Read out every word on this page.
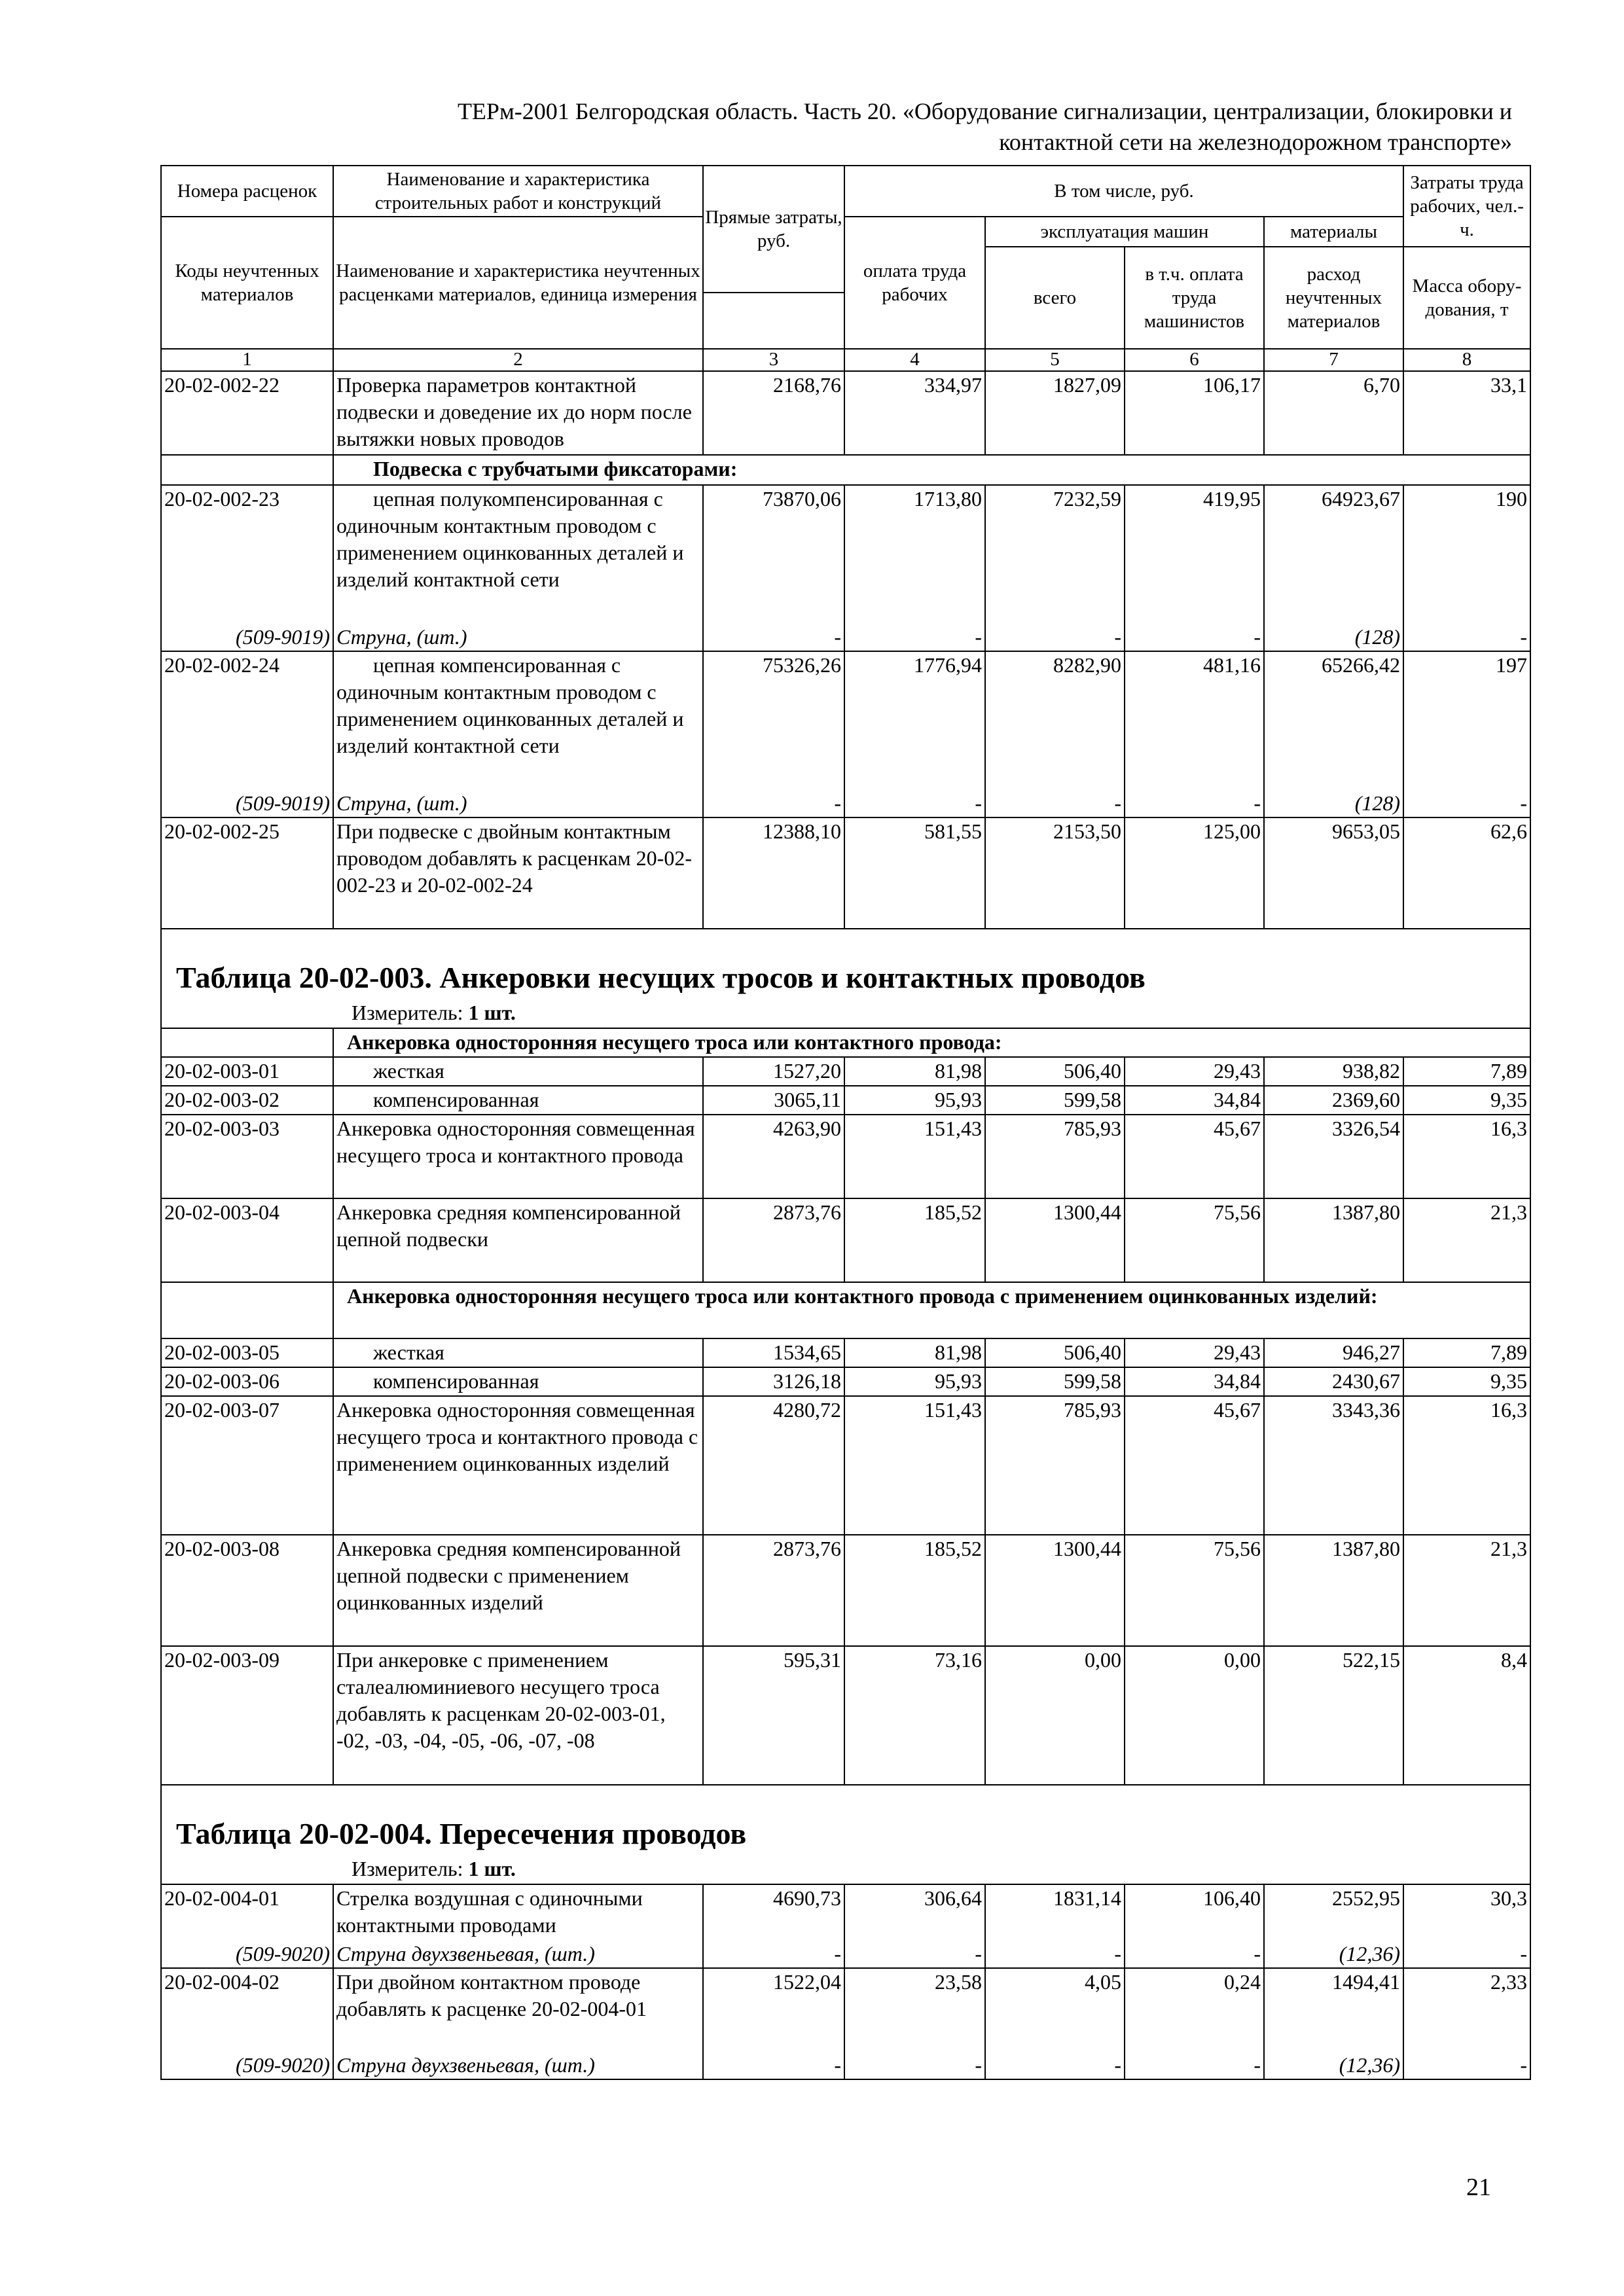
ТЕРм-2001 Белгородская область. Часть 20. «Оборудование сигнализации, централизации, блокировки и
контактной сети на железнодорожном транспорте»
Номера расценок	Наименование и характеристика строительных работ и конструкций	Прямые затраты, руб.	В том числе, руб.				Затраты труда рабочих, чел.-ч.
Коды неучтенных материалов	Наименование и характеристика неучтенных расценками материалов, единица измерения		оплата труда рабочих	эксплуатация машин		материалы	
				всего	в т.ч. оплата труда машинистов	расход неучтенных материалов	Масса обору-дования, т

1	2	3	4	5	6	7	8
20-02-002-22	Проверка параметров контактной подвески и доведение их до норм после вытяжки новых проводов	2168,76	334,97	1827,09	106,17	6,70	33,1
	Подвеска с трубчатыми фиксаторами:						
20-02-002-23	цепная полукомпенсированная с одиночным контактным проводом с применением оцинкованных деталей и изделий контактной сети	73870,06	1713,80	7232,59	419,95	64923,67	190
(509-9019)	Струна, (шт.)	-	-	-	-	(128)	-
20-02-002-24	цепная компенсированная с одиночным контактным проводом с применением оцинкованных деталей и изделий контактной сети	75326,26	1776,94	8282,90	481,16	65266,42	197
(509-9019)	Струна, (шт.)	-	-	-	-	(128)	-
20-02-002-25	При подвеске с двойным контактным проводом добавлять к расценкам 20-02-002-23 и 20-02-002-24	12388,10	581,55	2153,50	125,00	9653,05	62,6
Таблица 20-02-003. Анкеровки несущих тросов и контактных проводов							
Измеритель: 1 шт.							
	Анкеровка односторонняя несущего троса или контактного провода:						
20-02-003-01	жесткая	1527,20	81,98	506,40	29,43	938,82	7,89
20-02-003-02	компенсированная	3065,11	95,93	599,58	34,84	2369,60	9,35
20-02-003-03	Анкеровка односторонняя совмещенная несущего троса и контактного провода	4263,90	151,43	785,93	45,67	3326,54	16,3
20-02-003-04	Анкеровка средняя компенсированной цепной подвески	2873,76	185,52	1300,44	75,56	1387,80	21,3
	Анкеровка односторонняя несущего троса или контактного провода с применением оцинкованных изделий:						
20-02-003-05	жесткая	1534,65	81,98	506,40	29,43	946,27	7,89
20-02-003-06	компенсированная	3126,18	95,93	599,58	34,84	2430,67	9,35
20-02-003-07	Анкеровка односторонняя совмещенная несущего троса и контактного провода с применением оцинкованных изделий	4280,72	151,43	785,93	45,67	3343,36	16,3
20-02-003-08	Анкеровка средняя компенсированной цепной подвески с применением оцинкованных изделий	2873,76	185,52	1300,44	75,56	1387,80	21,3
20-02-003-09	При анкеровке с применением сталеалюминиевого несущего троса добавлять к расценкам 20-02-003-01, -02, -03, -04, -05, -06, -07, -08	595,31	73,16	0,00	0,00	522,15	8,4
Таблица 20-02-004. Пересечения проводов							
Измеритель: 1 шт.							
20-02-004-01	Стрелка воздушная с одиночными контактными проводами	4690,73	306,64	1831,14	106,40	2552,95	30,3
(509-9020)	Струна двухзвеньевая, (шт.)	-	-	-	-	(12,36)	-
20-02-004-02	При двойном контактном проводе добавлять к расценке 20-02-004-01	1522,04	23,58	4,05	0,24	1494,41	2,33
(509-9020)	Струна двухзвеньевая, (шт.)	-	-	-	-	(12,36)	-
21
